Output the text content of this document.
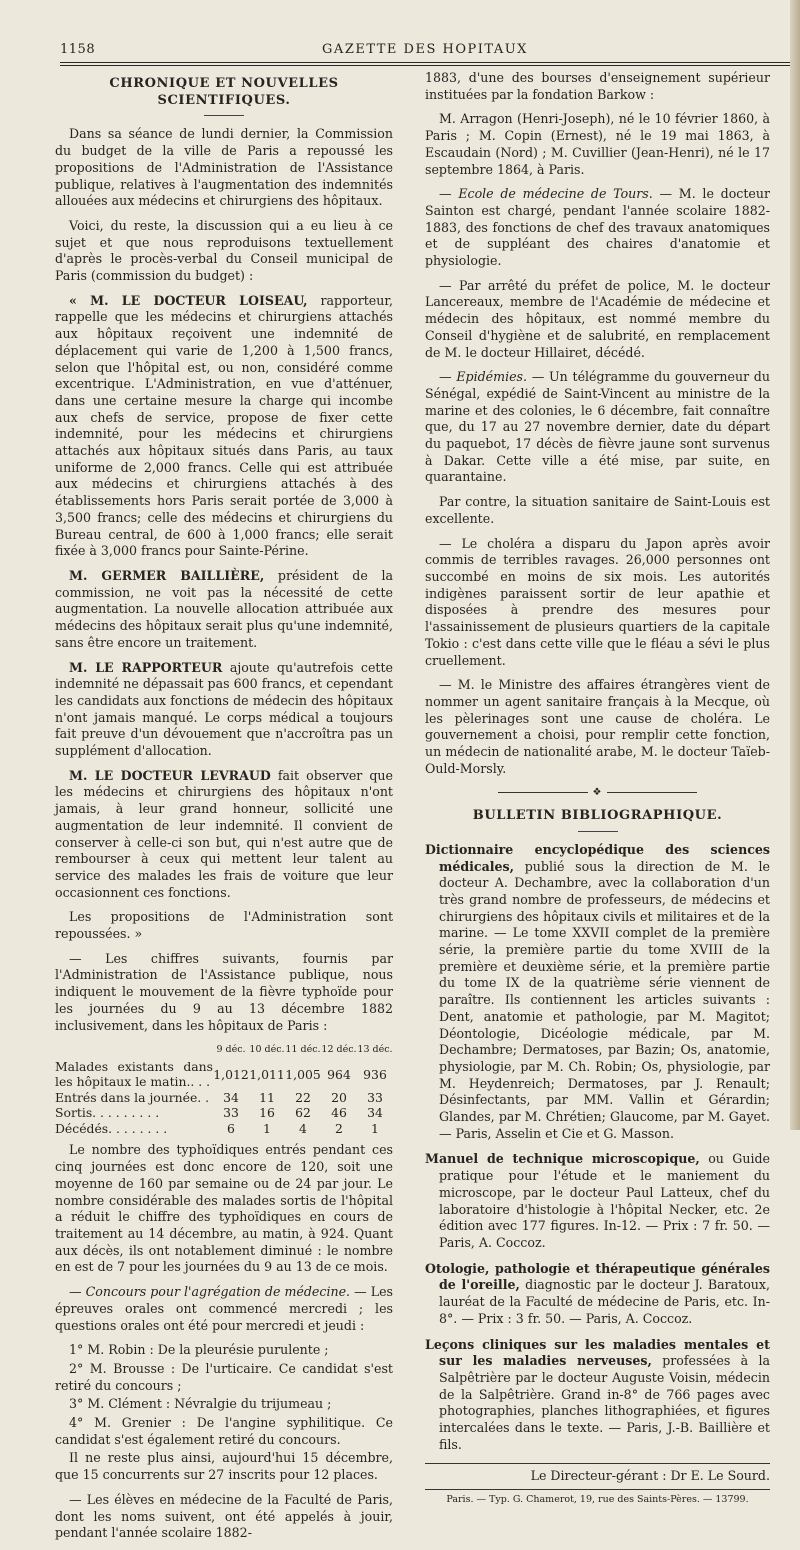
1158	GAZETTE DES HOPITAUX
CHRONIQUE ET NOUVELLES SCIENTIFIQUES.

Dans sa séance de lundi dernier, la Commission du budget de la ville de Paris a repoussé les propositions de l'Administration de l'Assistance publique, relatives à l'augmentation des indemnités allouées aux médecins et chirurgiens des hôpitaux.

Voici, du reste, la discussion qui a eu lieu à ce sujet et que nous reproduisons textuellement d'après le procès-verbal du Conseil municipal de Paris (commission du budget) :

« M. LE DOCTEUR LOISEAU, rapporteur, rappelle que les médecins et chirurgiens attachés aux hôpitaux reçoivent une indemnité de déplacement qui varie de 1,200 à 1,500 francs, selon que l'hôpital est, ou non, considéré comme excentrique. L'Administration, en vue d'atténuer, dans une certaine mesure la charge qui incombe aux chefs de service, propose de fixer cette indemnité, pour les médecins et chirurgiens attachés aux hôpitaux situés dans Paris, au taux uniforme de 2,000 francs. Celle qui est attribuée aux médecins et chirurgiens attachés à des établissements hors Paris serait portée de 3,000 à 3,500 francs; celle des médecins et chirurgiens du Bureau central, de 600 à 1,000 francs; elle serait fixée à 3,000 francs pour Sainte-Périne.

M. GERMER BAILLIÈRE, président de la commission, ne voit pas la nécessité de cette augmentation. La nouvelle allocation attribuée aux médecins des hôpitaux serait plus qu'une indemnité, sans être encore un traitement.

M. LE RAPPORTEUR ajoute qu'autrefois cette indemnité ne dépassait pas 600 francs, et cependant les candidats aux fonctions de médecin des hôpitaux n'ont jamais manqué. Le corps médical a toujours fait preuve d'un dévouement que n'accroîtra pas un supplément d'allocation.

M. LE DOCTEUR LEVRAUD fait observer que les médecins et chirurgiens des hôpitaux n'ont jamais, à leur grand honneur, sollicité une augmentation de leur indemnité. Il convient de conserver à celle-ci son but, qui n'est autre que de rembourser à ceux qui mettent leur talent au service des malades les frais de voiture que leur occasionnent ces fonctions.

Les propositions de l'Administration sont repoussées. »

— Les chiffres suivants, fournis par l'Administration de l'Assistance publique, nous indiquent le mouvement de la fièvre typhoïde pour les journées du 9 au 13 décembre 1882 inclusivement, dans les hôpitaux de Paris :

	9 déc.	10 déc.	11 déc.	12 déc.	13 déc.
Malades existants dans les hôpitaux le matin.. . .	1,012	1,011	1,005	964	936
Entrés dans la journée. .	34	11	22	20	33
Sortis. . . . . . . . .	33	16	62	46	34
Décédés. . . . . . . .	6	1	4	2	1

Le nombre des typhoïdiques entrés pendant ces cinq journées est donc encore de 120, soit une moyenne de 160 par semaine ou de 24 par jour. Le nombre considérable des malades sortis de l'hôpital a réduit le chiffre des typhoïdiques en cours de traitement au 14 décembre, au matin, à 924. Quant aux décès, ils ont notablement diminué : le nombre en est de 7 pour les journées du 9 au 13 de ce mois.

— Concours pour l'agrégation de médecine. — Les épreuves orales ont commencé mercredi ; les questions orales ont été pour mercredi et jeudi :

1° M. Robin : De la pleurésie purulente ;

2° M. Brousse : De l'urticaire. Ce candidat s'est retiré du concours ;

3° M. Clément : Névralgie du trijumeau ;

4° M. Grenier : De l'angine syphilitique. Ce candidat s'est également retiré du concours.

Il ne reste plus ainsi, aujourd'hui 15 décembre, que 15 concurrents sur 27 inscrits pour 12 places.

— Les élèves en médecine de la Faculté de Paris, dont les noms suivent, ont été appelés à jouir, pendant l'année scolaire 1882-

1883, d'une des bourses d'enseignement supérieur instituées par la fondation Barkow :

M. Arragon (Henri-Joseph), né le 10 février 1860, à Paris ; M. Copin (Ernest), né le 19 mai 1863, à Escaudain (Nord) ; M. Cuvillier (Jean-Henri), né le 17 septembre 1864, à Paris.

— Ecole de médecine de Tours. — M. le docteur Sainton est chargé, pendant l'année scolaire 1882-1883, des fonctions de chef des travaux anatomiques et de suppléant des chaires d'anatomie et physiologie.

— Par arrêté du préfet de police, M. le docteur Lancereaux, membre de l'Académie de médecine et médecin des hôpitaux, est nommé membre du Conseil d'hygiène et de salubrité, en remplacement de M. le docteur Hillairet, décédé.

— Epidémies. — Un télégramme du gouverneur du Sénégal, expédié de Saint-Vincent au ministre de la marine et des colonies, le 6 décembre, fait connaître que, du 17 au 27 novembre dernier, date du départ du paquebot, 17 décès de fièvre jaune sont survenus à Dakar. Cette ville a été mise, par suite, en quarantaine.

Par contre, la situation sanitaire de Saint-Louis est excellente.

— Le choléra a disparu du Japon après avoir commis de terribles ravages. 26,000 personnes ont succombé en moins de six mois. Les autorités indigènes paraissent sortir de leur apathie et disposées à prendre des mesures pour l'assainissement de plusieurs quartiers de la capitale Tokio : c'est dans cette ville que le fléau a sévi le plus cruellement.

— M. le Ministre des affaires étrangères vient de nommer un agent sanitaire français à la Mecque, où les pèlerinages sont une cause de choléra. Le gouvernement a choisi, pour remplir cette fonction, un médecin de nationalité arabe, M. le docteur Taïeb-Ould-Morsly.

❖
BULLETIN BIBLIOGRAPHIQUE.

Dictionnaire encyclopédique des sciences médicales, publié sous la direction de M. le docteur A. Dechambre, avec la collaboration d'un très grand nombre de professeurs, de médecins et chirurgiens des hôpitaux civils et militaires et de la marine. — Le tome XXVII complet de la première série, la première partie du tome XVIII de la première et deuxième série, et la première partie du tome IX de la quatrième série viennent de paraître. Ils contiennent les articles suivants : Dent, anatomie et pathologie, par M. Magitot; Déontologie, Dicéologie médicale, par M. Dechambre; Dermatoses, par Bazin; Os, anatomie, physiologie, par M. Ch. Robin; Os, physiologie, par M. Heydenreich; Dermatoses, par J. Renault; Désinfectants, par MM. Vallin et Gérardin; Glandes, par M. Chrétien; Glaucome, par M. Gayet. — Paris, Asselin et Cie et G. Masson.

Manuel de technique microscopique, ou Guide pratique pour l'étude et le maniement du microscope, par le docteur Paul Latteux, chef du laboratoire d'histologie à l'hôpital Necker, etc. 2e édition avec 177 figures. In-12. — Prix : 7 fr. 50. — Paris, A. Coccoz.

Otologie, pathologie et thérapeutique générales de l'oreille, diagnostic par le docteur J. Baratoux, lauréat de la Faculté de médecine de Paris, etc. In-8°. — Prix : 3 fr. 50. — Paris, A. Coccoz.

Leçons cliniques sur les maladies mentales et sur les maladies nerveuses, professées à la Salpêtrière par le docteur Auguste Voisin, médecin de la Salpêtrière. Grand in-8° de 766 pages avec photographies, planches lithographiées, et figures intercalées dans le texte. — Paris, J.-B. Baillière et fils.

Le Directeur-gérant : Dr E. Le Sourd.
Paris. — Typ. G. Chamerot, 19, rue des Saints-Pères. — 13799.
